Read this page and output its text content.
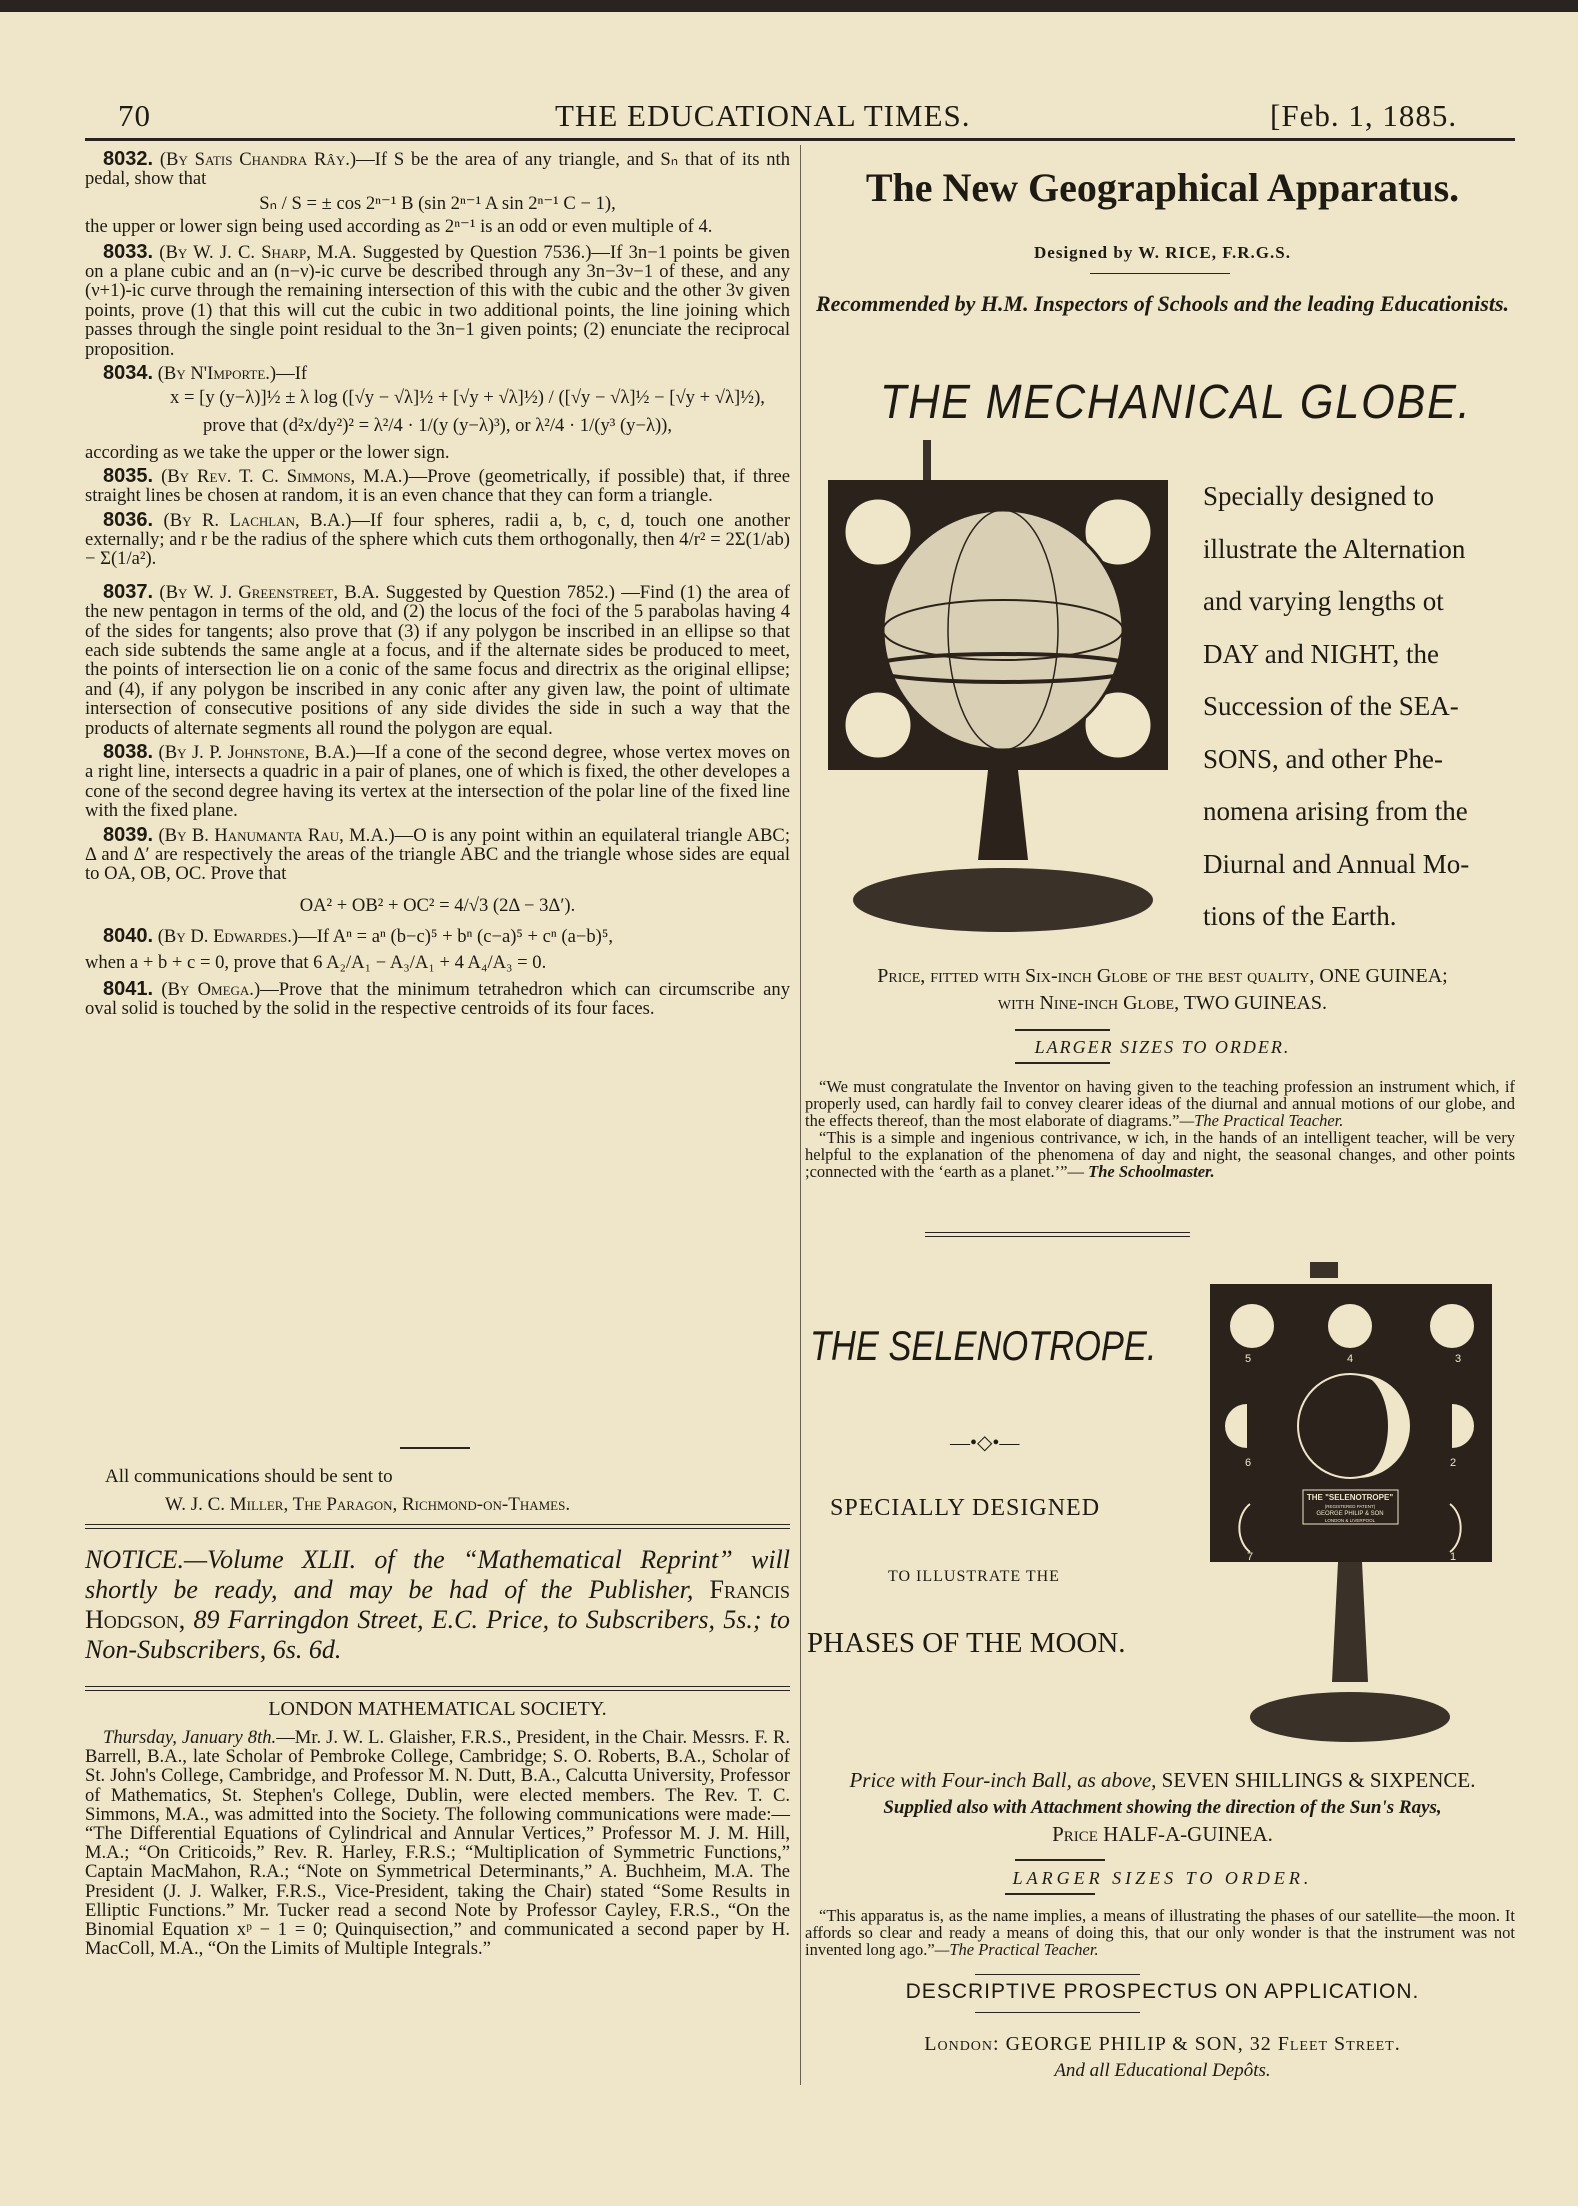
70	THE EDUCATIONAL TIMES.	[Feb. 1, 1885.

8032. (By Satis Chandra Rây.)—If S be the area of any triangle, and Sₙ that of its nth pedal, show that

Sₙ / S = ± cos 2ⁿ⁻¹ B (sin 2ⁿ⁻¹ A sin 2ⁿ⁻¹ C − 1),

the upper or lower sign being used according as 2ⁿ⁻¹ is an odd or even multiple of 4.

8033. (By W. J. C. Sharp, M.A. Suggested by Question 7536.)—If 3n−1 points be given on a plane cubic and an (n−ν)-ic curve be described through any 3n−3ν−1 of these, and any (ν+1)-ic curve through the remaining intersection of this with the cubic and the other 3ν given points, prove (1) that this will cut the cubic in two additional points, the line joining which passes through the single point residual to the 3n−1 given points; (2) enunciate the reciprocal proposition.

8034. (By N'Importe.)—If

x = [y (y−λ)]½ ± λ log ([√y − √λ]½ + [√y + √λ]½) / ([√y − √λ]½ − [√y + √λ]½),

prove that (d²x/dy²)² = λ²/4 · 1/(y (y−λ)³), or λ²/4 · 1/(y³ (y−λ)),

according as we take the upper or the lower sign.

8035. (By Rev. T. C. Simmons, M.A.)—Prove (geometrically, if possible) that, if three straight lines be chosen at random, it is an even chance that they can form a triangle.

8036. (By R. Lachlan, B.A.)—If four spheres, radii a, b, c, d, touch one another externally; and r be the radius of the sphere which cuts them orthogonally, then 4/r² = 2Σ(1/ab) − Σ(1/a²).

8037. (By W. J. Greenstreet, B.A. Suggested by Question 7852.) —Find (1) the area of the new pentagon in terms of the old, and (2) the locus of the foci of the 5 parabolas having 4 of the sides for tangents; also prove that (3) if any polygon be inscribed in an ellipse so that each side subtends the same angle at a focus, and if the alternate sides be produced to meet, the points of intersection lie on a conic of the same focus and directrix as the original ellipse; and (4), if any polygon be inscribed in any conic after any given law, the point of ultimate intersection of consecutive positions of any side divides the side in such a way that the products of alternate segments all round the polygon are equal.

8038. (By J. P. Johnstone, B.A.)—If a cone of the second degree, whose vertex moves on a right line, intersects a quadric in a pair of planes, one of which is fixed, the other developes a cone of the second degree having its vertex at the intersection of the polar line of the fixed line with the fixed plane.

8039. (By B. Hanumanta Rau, M.A.)—O is any point within an equilateral triangle ABC; Δ and Δ′ are respectively the areas of the triangle ABC and the triangle whose sides are equal to OA, OB, OC. Prove that

OA² + OB² + OC² = 4/√3 (2Δ − 3Δ′).

8040. (By D. Edwardes.)—If Aⁿ = aⁿ (b−c)⁵ + bⁿ (c−a)⁵ + cⁿ (a−b)⁵,

when a + b + c = 0, prove that 6 A₂/A₁ − A₃/A₁ + 4 A₄/A₃ = 0.

8041. (By Omega.)—Prove that the minimum tetrahedron which can circumscribe any oval solid is touched by the solid in the respective centroids of its four faces.

All communications should be sent to
W. J. C. Miller, The Paragon, Richmond-on-Thames.
NOTICE.—Volume XLII. of the “Mathematical Reprint” will shortly be ready, and may be had of the Publisher, Francis Hodgson, 89 Farringdon Street, E.C. Price, to Subscribers, 5s.; to Non-Subscribers, 6s. 6d.
LONDON MATHEMATICAL SOCIETY.

Thursday, January 8th.—Mr. J. W. L. Glaisher, F.R.S., President, in the Chair. Messrs. F. R. Barrell, B.A., late Scholar of Pembroke College, Cambridge; S. O. Roberts, B.A., Scholar of St. John's College, Cambridge, and Professor M. N. Dutt, B.A., Calcutta University, Professor of Mathematics, St. Stephen's College, Dublin, were elected members. The Rev. T. C. Simmons, M.A., was admitted into the Society. The following communications were made:— “The Differential Equations of Cylindrical and Annular Vertices,” Professor M. J. M. Hill, M.A.; “On Criticoids,” Rev. R. Harley, F.R.S.; “Multiplication of Symmetric Functions,” Captain MacMahon, R.A.; “Note on Symmetrical Determinants,” A. Buchheim, M.A. The President (J. J. Walker, F.R.S., Vice-President, taking the Chair) stated “Some Results in Elliptic Functions.” Mr. Tucker read a second Note by Professor Cayley, F.R.S., “On the Binomial Equation xᵖ − 1 = 0; Quinquisection,” and communicated a second paper by H. MacColl, M.A., “On the Limits of Multiple Integrals.”

The New Geographical Apparatus.
Designed by W. RICE, F.R.G.S.
Recommended by H.M. Inspectors of Schools and the leading Educationists.
THE MECHANICAL GLOBE.
Specially designed to
illustrate the Alternation
and varying lengths ot
DAY and NIGHT, the
Succession of the SEA-
SONS, and other Phe-
nomena arising from the
Diurnal and Annual Mo-
tions of the Earth.
Price, fitted with Six-inch Globe of the best quality, ONE GUINEA;
with Nine-inch Globe, TWO GUINEAS.
LARGER SIZES TO ORDER.

“We must congratulate the Inventor on having given to the teaching profession an instrument which, if properly used, can hardly fail to convey clearer ideas of the diurnal and annual motions of our globe, and the effects thereof, than the most elaborate of diagrams.”—The Practical Teacher.

“This is a simple and ingenious contrivance, w ich, in the hands of an intelligent teacher, will be very helpful to the explanation of the phenomena of day and night, the seasonal changes, and other points ;connected with the ‘earth as a planet.’”— The Schoolmaster.

THE SELENOTROPE.
—•◇•—
SPECIALLY DESIGNED
TO ILLUSTRATE THE
PHASES OF THE MOON.
3
4
5
6	2
7	1
THE "SELENOTROPE"
(REGISTERED PATENT)
GEORGE PHILIP & SON
LONDON & LIVERPOOL
Price with Four-inch Ball, as above, SEVEN SHILLINGS & SIXPENCE.
Supplied also with Attachment showing the direction of the Sun's Rays,
Price HALF-A-GUINEA.
LARGER SIZES TO ORDER.

“This apparatus is, as the name implies, a means of illustrating the phases of our satellite—the moon. It affords so clear and ready a means of doing this, that our only wonder is that the instrument was not invented long ago.”—The Practical Teacher.

DESCRIPTIVE PROSPECTUS ON APPLICATION.
London: GEORGE PHILIP & SON, 32 Fleet Street.
And all Educational Depôts.
